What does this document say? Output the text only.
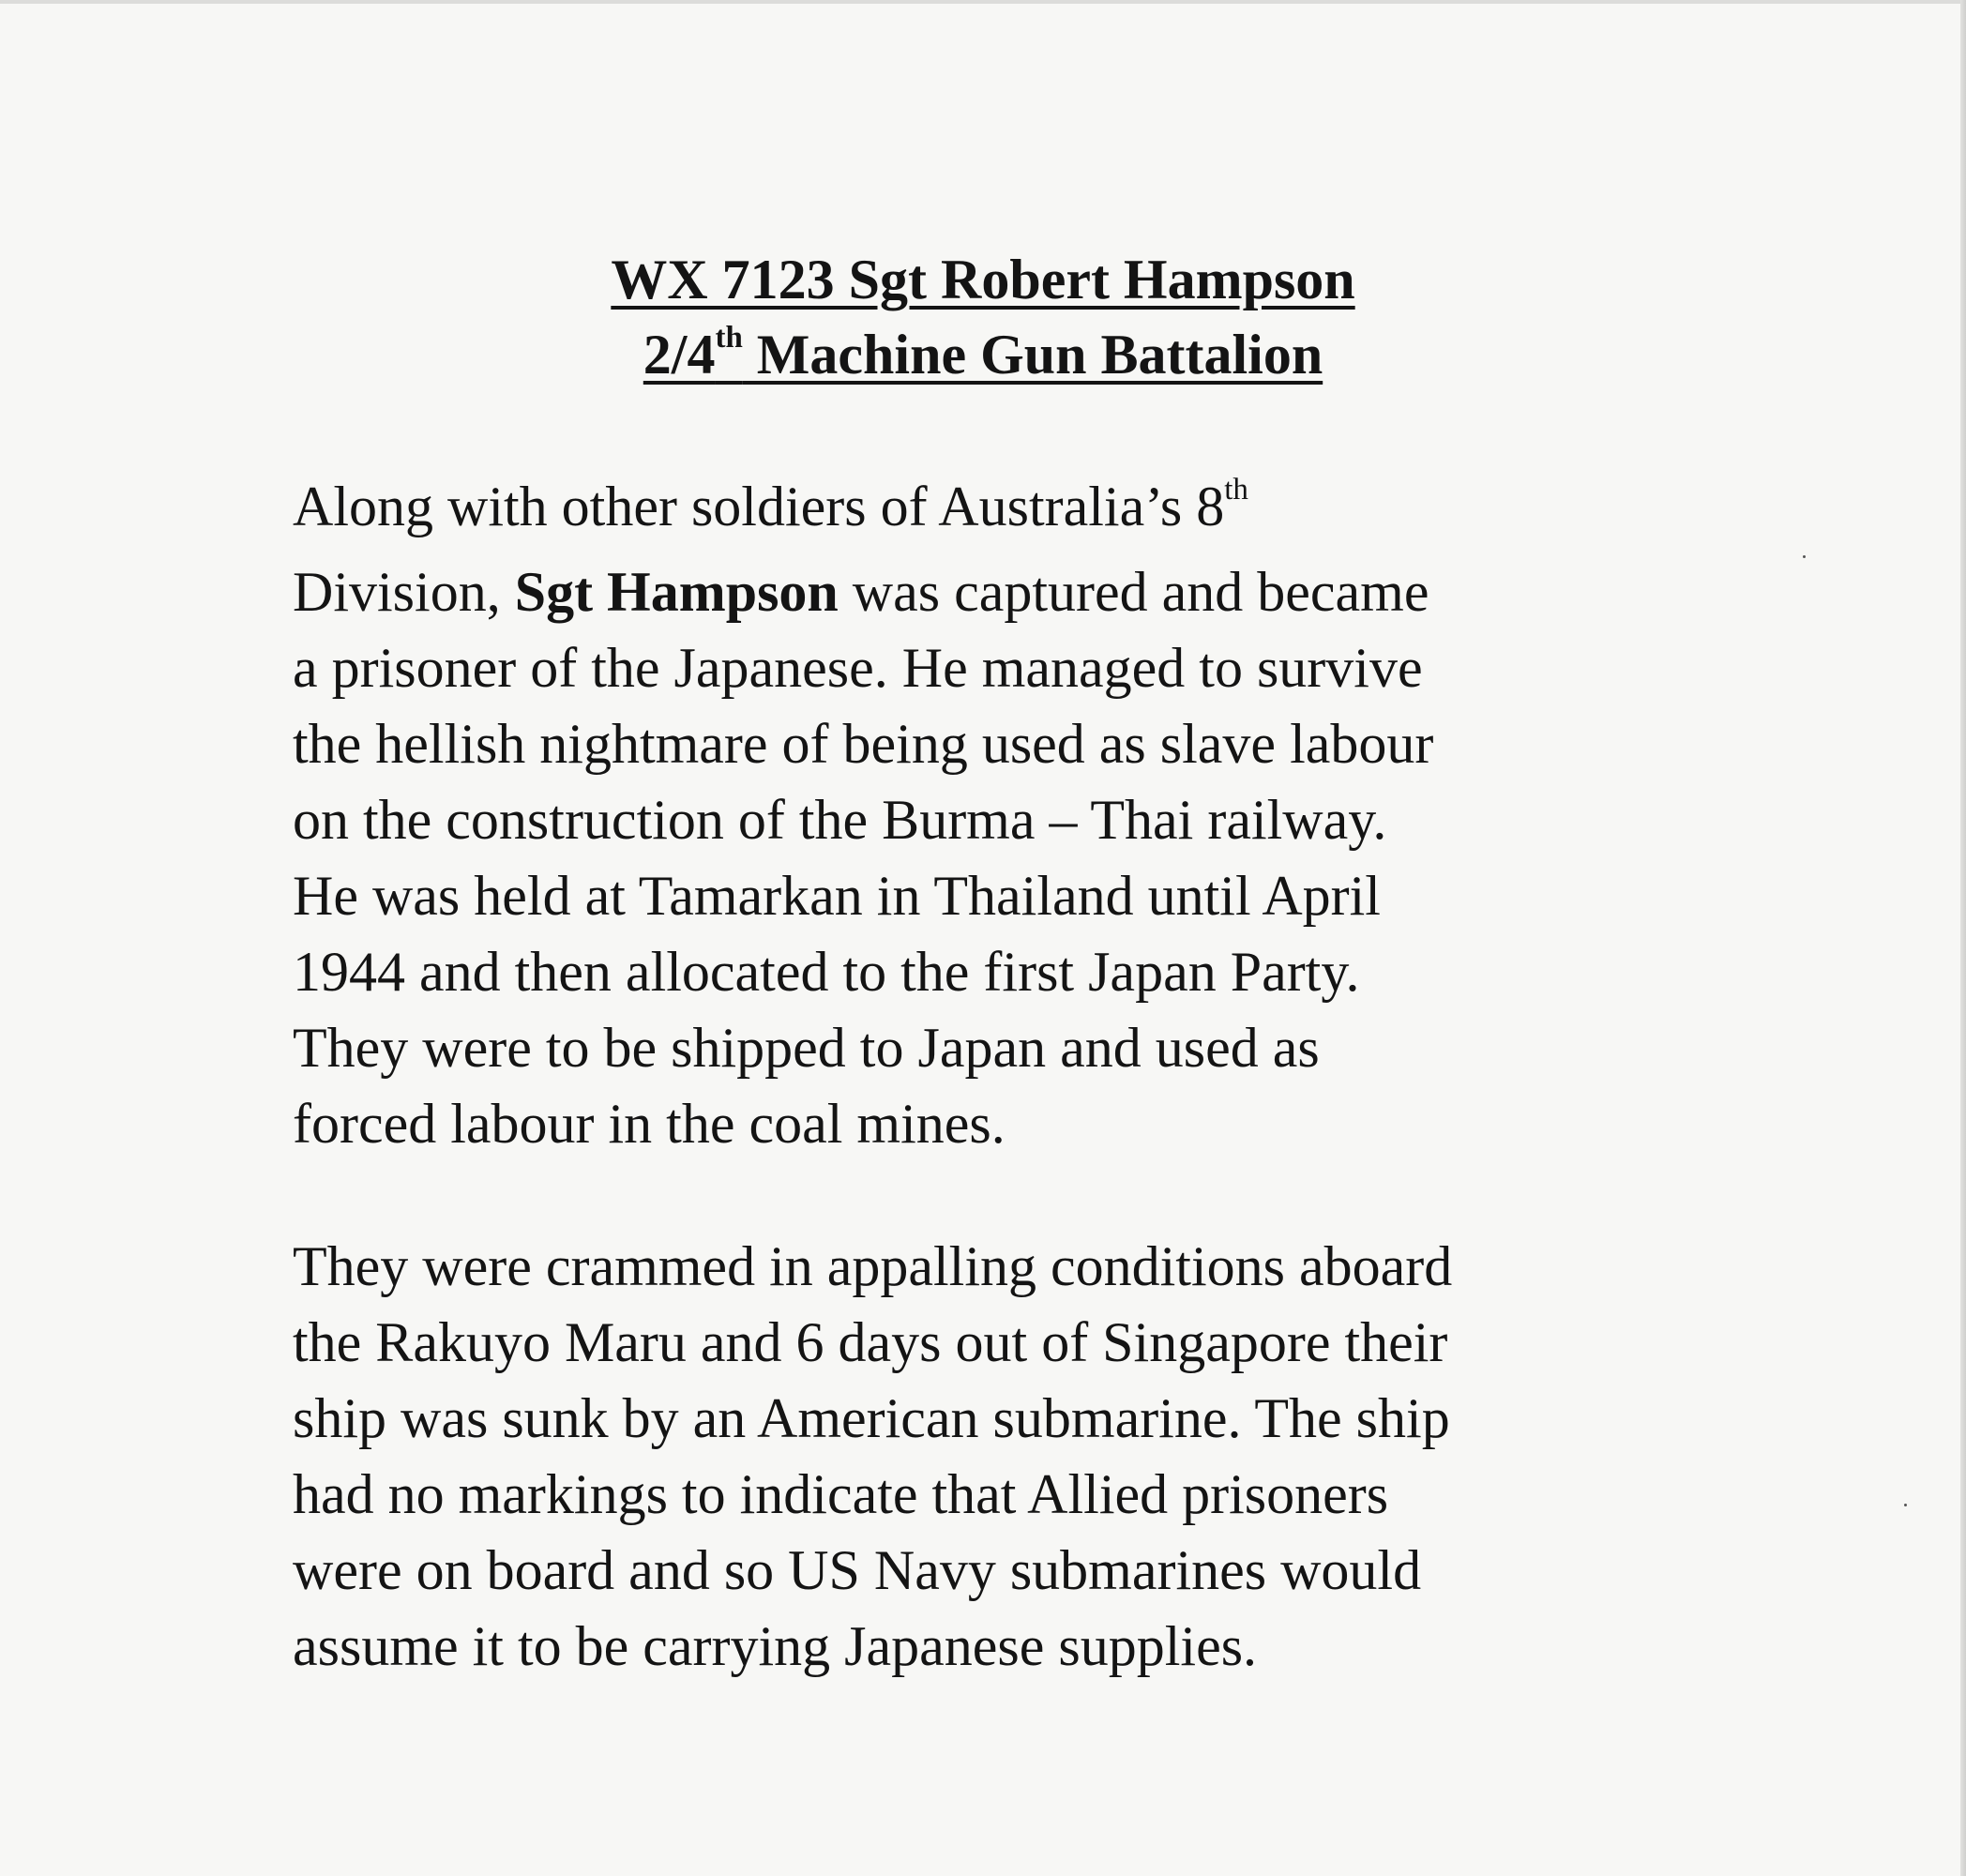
WX 7123 Sgt Robert Hampson
2/4th Machine Gun Battalion
Along with other soldiers of Australia’s 8th
Division, Sgt Hampson was captured and became
a prisoner of the Japanese. He managed to survive
the hellish nightmare of being used as slave labour
on the construction of the Burma – Thai railway.
He was held at Tamarkan in Thailand until April
1944 and then allocated to the first Japan Party.
They were to be shipped to Japan and used as
forced labour in the coal mines.
They were crammed in appalling conditions aboard
the Rakuyo Maru and 6 days out of Singapore their
ship was sunk by an American submarine. The ship
had no markings to indicate that Allied prisoners
were on board and so US Navy submarines would
assume it to be carrying Japanese supplies.
